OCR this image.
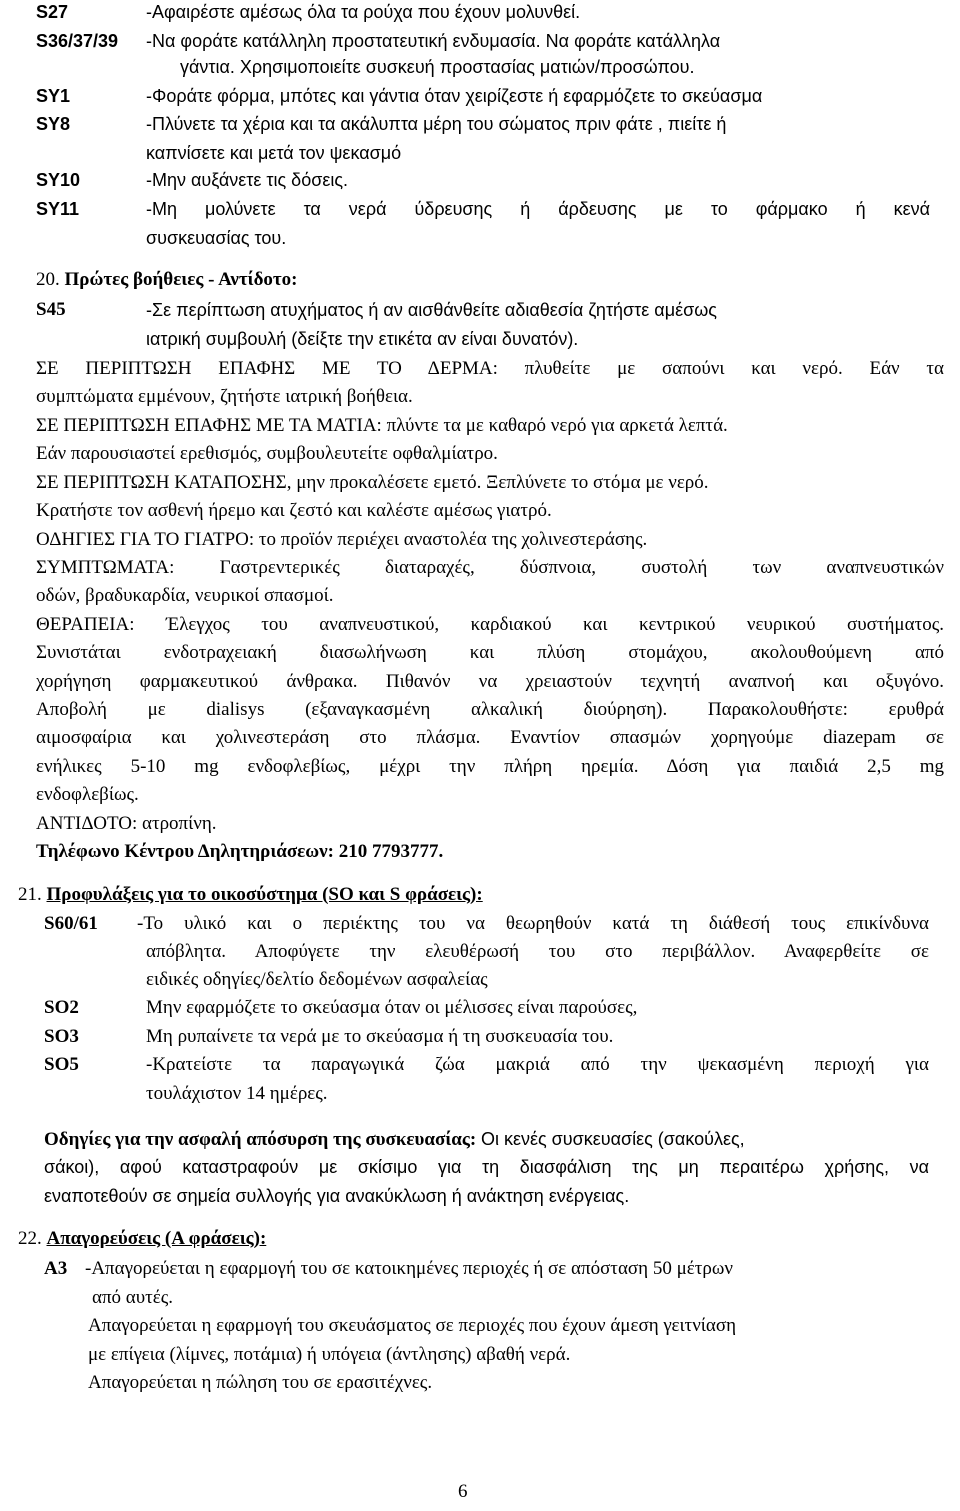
S27	-Αφαιρέστε αμέσως όλα τα ρούχα που έχουν μολυνθεί.
S36/37/39 -Να φοράτε κατάλληλη προστατευτική ενδυμασία. Να φοράτε κατάλληλα
γάντια. Χρησιμοποιείτε συσκευή προστασίας ματιών/προσώπου.
SY1	-Φοράτε φόρμα, μπότες και γάντια όταν χειρίζεστε ή εφαρμόζετε το σκεύασμα
SY8	-Πλύνετε τα χέρια και τα ακάλυπτα μέρη του σώματος πριν φάτε , πιείτε ή
καπνίσετε και μετά τον ψεκασμό
SY10	-Μην αυξάνετε τις δόσεις.
SY11	-Μη μολύνετε τα νερά ύδρευσης ή άρδευσης με το φάρμακο ή κενά
συσκευασίας του.
20. Πρώτες βοήθειες - Αντίδοτο:
S45	-Σε περίπτωση ατυχήματος ή αν αισθάνθείτε αδιαθεσία ζητήστε αμέσως
ιατρική συμβουλή (δείξτε την ετικέτα αν είναι δυνατόν).
ΣΕ ΠΕΡΙΠΤΩΣΗ ΕΠΑΦΗΣ ΜΕ ΤΟ ΔΕΡΜΑ: πλυθείτε με σαπούνι και νερό. Εάν τα
συμπτώματα εμμένουν, ζητήστε ιατρική βοήθεια.
ΣΕ ΠΕΡΙΠΤΩΣΗ ΕΠΑΦΗΣ ΜΕ ΤΑ ΜΑΤΙΑ: πλύντε τα με καθαρό νερό για αρκετά λεπτά.
Εάν παρουσιαστεί ερεθισμός, συμβουλευτείτε οφθαλμίατρο.
ΣΕ ΠΕΡΙΠΤΩΣΗ ΚΑΤΑΠΟΣΗΣ, μην προκαλέσετε εμετό. Ξεπλύνετε το στόμα με νερό.
Κρατήστε τον ασθενή ήρεμο και ζεστό και καλέστε αμέσως γιατρό.
ΟΔΗΓΙΕΣ ΓΙΑ ΤΟ ΓΙΑΤΡΟ: το προϊόν περιέχει αναστολέα της χολινεστεράσης.
ΣΥΜΠΤΩΜΑΤΑ: Γαστρεντερικές διαταραχές, δύσπνοια, συστολή των αναπνευστικών
οδών, βραδυκαρδία, νευρικοί σπασμοί.
ΘΕΡΑΠΕΙΑ: Έλεγχος του αναπνευστικού, καρδιακού και κεντρικού νευρικού συστήματος.
Συνιστάται ενδοτραχειακή διασωλήνωση και πλύση στομάχου, ακολουθούμενη από
χορήγηση φαρμακευτικού άνθρακα. Πιθανόν να χρειαστούν τεχνητή αναπνοή και οξυγόνο.
Αποβολή με dialisys (εξαναγκασμένη αλκαλική διούρηση). Παρακολουθήστε: ερυθρά
αιμοσφαίρια και χολινεστεράση στο πλάσμα. Εναντίον σπασμών χορηγούμε diazepam σε
ενήλικες 5-10 mg ενδοφλεβίως, μέχρι την πλήρη ηρεμία. Δόση για παιδιά 2,5 mg
ενδοφλεβίως.
ΑΝΤΙΔΟΤΟ: ατροπίνη.
Τηλέφωνο Κέντρου Δηλητηριάσεων: 210 7793777.
21. Προφυλάξεις για το οικοσύστημα (SO και S φράσεις):
S60/61 -Το υλικό και ο περιέκτης του να θεωρηθούν κατά τη διάθεσή τους επικίνδυνα
απόβλητα. Αποφύγετε την ελευθέρωσή του στο περιβάλλον. Αναφερθείτε σε
ειδικές οδηγίες/δελτίο δεδομένων ασφαλείας
SO2	Μην εφαρμόζετε το σκεύασμα όταν οι μέλισσες είναι παρούσες,
SO3	Μη ρυπαίνετε τα νερά με το σκεύασμα ή τη συσκευασία του.
SO5	-Κρατείστε τα παραγωγικά ζώα μακριά από την ψεκασμένη περιοχή για
τουλάχιστον 14 ημέρες.
Οδηγίες για την ασφαλή απόσυρση της συσκευασίας: Οι κενές συσκευασίες (σακούλες,
σάκοι), αφού καταστραφούν με σκίσιμο για τη διασφάλιση της μη περαιτέρω χρήσης, να
εναποτεθούν σε σημεία συλλογής για ανακύκλωση ή ανάκτηση ενέργειας.
22. Απαγορεύσεις (Α φράσεις):
Α3 -Απαγορεύεται η εφαρμογή του σε κατοικημένες περιοχές ή σε απόσταση 50 μέτρων
από αυτές.
Απαγορεύεται η εφαρμογή του σκευάσματος σε περιοχές που έχουν άμεση γειτνίαση
με επίγεια (λίμνες, ποτάμια) ή υπόγεια (άντλησης) αβαθή νερά.
Απαγορεύεται η πώληση του σε ερασιτέχνες.
6
